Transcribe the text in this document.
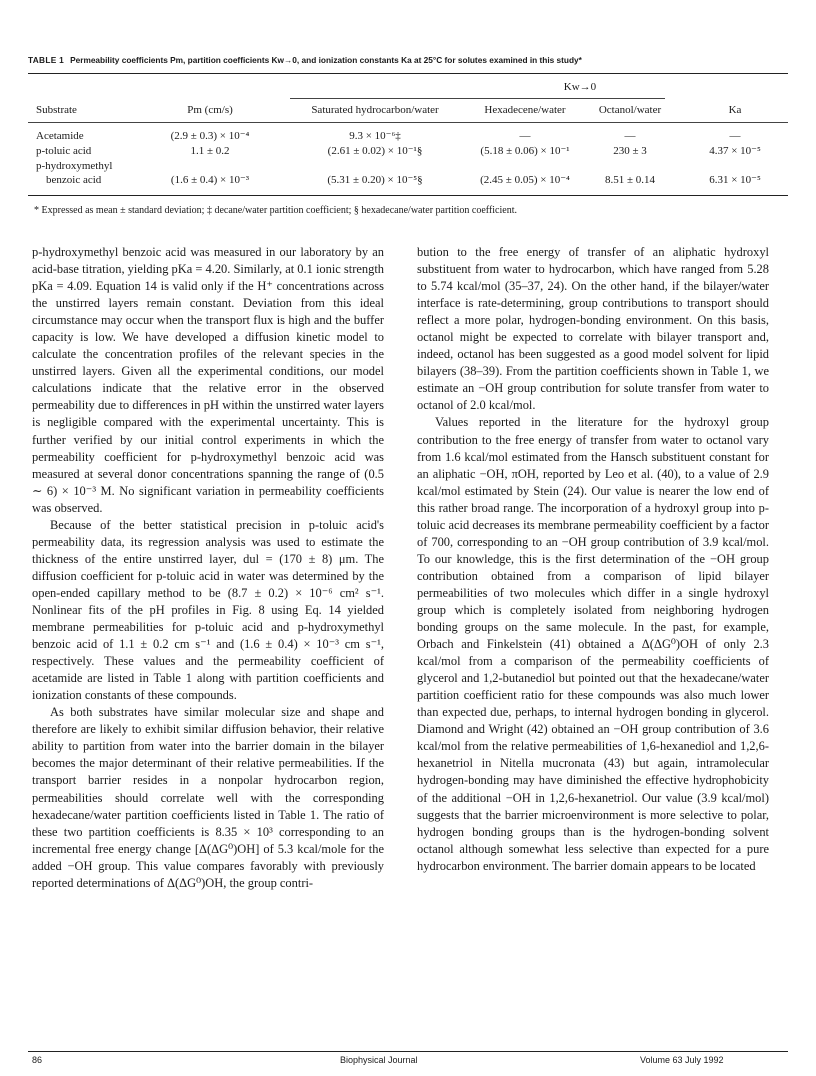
TABLE 1 Permeability coefficients Pm, partition coefficients Kw→0, and ionization constants Ka at 25°C for solutes examined in this study*
Kw→0
Substrate	Pm (cm/s)	Saturated hydrocarbon/water	Hexadecene/water	Octanol/water	Ka
Acetamide	(2.9 ± 0.3) × 10⁻⁴	9.3 × 10⁻⁶‡	—	—	—
p-toluic acid	1.1 ± 0.2	(2.61 ± 0.02) × 10⁻¹§	(5.18 ± 0.06) × 10⁻¹	230 ± 3	4.37 × 10⁻⁵
p-hydroxymethyl
benzoic acid	(1.6 ± 0.4) × 10⁻³	(5.31 ± 0.20) × 10⁻⁵§	(2.45 ± 0.05) × 10⁻⁴	8.51 ± 0.14	6.31 × 10⁻⁵
* Expressed as mean ± standard deviation; ‡ decane/water partition coefficient; § hexadecane/water partition coefficient.

p-hydroxymethyl benzoic acid was measured in our laboratory by an acid-base titration, yielding pKa = 4.20. Similarly, at 0.1 ionic strength pKa = 4.09. Equation 14 is valid only if the H⁺ concentrations across the unstirred layers remain constant. Deviation from this ideal circumstance may occur when the transport flux is high and the buffer capacity is low. We have developed a diffusion kinetic model to calculate the concentration profiles of the relevant species in the unstirred layers. Given all the experimental conditions, our model calculations indicate that the relative error in the observed permeability due to differences in pH within the unstirred water layers is negligible compared with the experimental uncertainty. This is further verified by our initial control experiments in which the permeability coefficient for p-hydroxymethyl benzoic acid was measured at several donor concentrations spanning the range of (0.5 ∼ 6) × 10⁻³ M. No significant variation in permeability coefficients was observed.

Because of the better statistical precision in p-toluic acid's permeability data, its regression analysis was used to estimate the thickness of the entire unstirred layer, dul = (170 ± 8) μm. The diffusion coefficient for p-toluic acid in water was determined by the open-ended capillary method to be (8.7 ± 0.2) × 10⁻⁶ cm² s⁻¹. Nonlinear fits of the pH profiles in Fig. 8 using Eq. 14 yielded membrane permeabilities for p-toluic acid and p-hydroxymethyl benzoic acid of 1.1 ± 0.2 cm s⁻¹ and (1.6 ± 0.4) × 10⁻³ cm s⁻¹, respectively. These values and the permeability coefficient of acetamide are listed in Table 1 along with partition coefficients and ionization constants of these compounds.

As both substrates have similar molecular size and shape and therefore are likely to exhibit similar diffusion behavior, their relative ability to partition from water into the barrier domain in the bilayer becomes the major determinant of their relative permeabilities. If the transport barrier resides in a nonpolar hydrocarbon region, permeabilities should correlate well with the corresponding hexadecane/water partition coefficients listed in Table 1. The ratio of these two partition coefficients is 8.35 × 10³ corresponding to an incremental free energy change [Δ(ΔG⁰)OH] of 5.3 kcal/mole for the added −OH group. This value compares favorably with previously reported determinations of Δ(ΔG⁰)OH, the group contri-

bution to the free energy of transfer of an aliphatic hydroxyl substituent from water to hydrocarbon, which have ranged from 5.28 to 5.74 kcal/mol (35–37, 24). On the other hand, if the bilayer/water interface is rate-determining, group contributions to transport should reflect a more polar, hydrogen-bonding environment. On this basis, octanol might be expected to correlate with bilayer transport and, indeed, octanol has been suggested as a good model solvent for lipid bilayers (38–39). From the partition coefficients shown in Table 1, we estimate an −OH group contribution for solute transfer from water to octanol of 2.0 kcal/mol.

Values reported in the literature for the hydroxyl group contribution to the free energy of transfer from water to octanol vary from 1.6 kcal/mol estimated from the Hansch substituent constant for an aliphatic −OH, πOH, reported by Leo et al. (40), to a value of 2.9 kcal/mol estimated by Stein (24). Our value is nearer the low end of this rather broad range. The incorporation of a hydroxyl group into p-toluic acid decreases its membrane permeability coefficient by a factor of 700, corresponding to an −OH group contribution of 3.9 kcal/mol. To our knowledge, this is the first determination of the −OH group contribution obtained from a comparison of lipid bilayer permeabilities of two molecules which differ in a single hydroxyl group which is completely isolated from neighboring hydrogen bonding groups on the same molecule. In the past, for example, Orbach and Finkelstein (41) obtained a Δ(ΔG⁰)OH of only 2.3 kcal/mol from a comparison of the permeability coefficients of glycerol and 1,2-butanediol but pointed out that the hexadecane/water partition coefficient ratio for these compounds was also much lower than expected due, perhaps, to internal hydrogen bonding in glycerol. Diamond and Wright (42) obtained an −OH group contribution of 3.6 kcal/mol from the relative permeabilities of 1,6-hexanediol and 1,2,6-hexanetriol in Nitella mucronata (43) but again, intramolecular hydrogen-bonding may have diminished the effective hydrophobicity of the additional −OH in 1,2,6-hexanetriol. Our value (3.9 kcal/mol) suggests that the barrier microenvironment is more selective to polar, hydrogen bonding groups than is the hydrogen-bonding solvent octanol although somewhat less selective than expected for a pure hydrocarbon environment. The barrier domain appears to be located

86	Biophysical Journal	Volume 63 July 1992
